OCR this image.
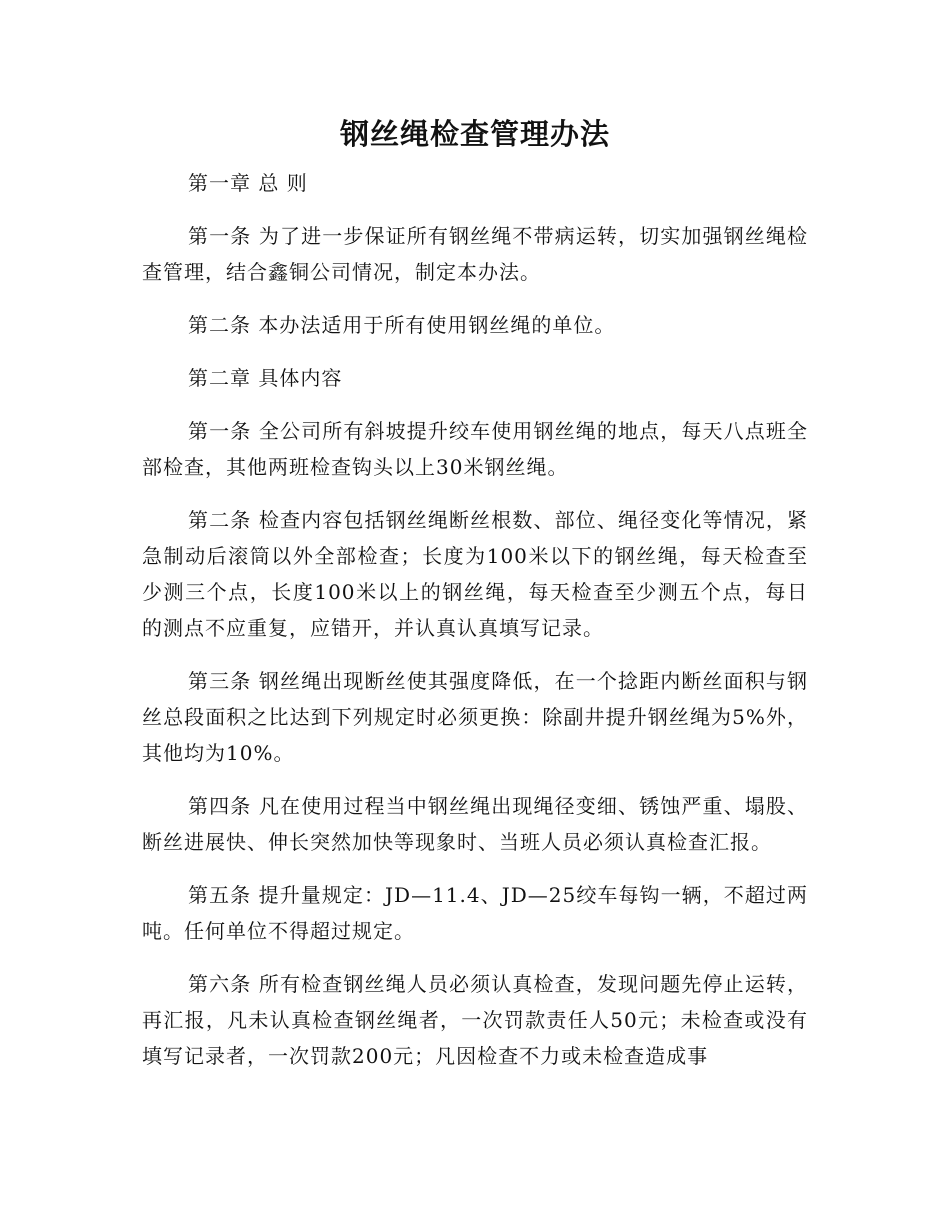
钢丝绳检查管理办法

第一章 总 则

第一条 为了进一步保证所有钢丝绳不带病运转，切实加强钢丝绳检查管理，结合鑫铜公司情况，制定本办法。

第二条 本办法适用于所有使用钢丝绳的单位。

第二章 具体内容

第一条 全公司所有斜坡提升绞车使用钢丝绳的地点，每天八点班全部检查，其他两班检查钩头以上30米钢丝绳。

第二条 检查内容包括钢丝绳断丝根数、部位、绳径变化等情况，紧急制动后滚筒以外全部检查；长度为100米以下的钢丝绳，每天检查至少测三个点，长度100米以上的钢丝绳，每天检查至少测五个点，每日的测点不应重复，应错开，并认真认真填写记录。

第三条 钢丝绳出现断丝使其强度降低，在一个捻距内断丝面积与钢丝总段面积之比达到下列规定时必须更换：除副井提升钢丝绳为5%外，其他均为10%。

第四条 凡在使用过程当中钢丝绳出现绳径变细、锈蚀严重、塌股、断丝进展快、伸长突然加快等现象时、当班人员必须认真检查汇报。

第五条 提升量规定：JD—11.4、JD—25绞车每钩一辆，不超过两吨。任何单位不得超过规定。

第六条 所有检查钢丝绳人员必须认真检查，发现问题先停止运转，再汇报，凡未认真检查钢丝绳者，一次罚款责任人50元；未检查或没有填写记录者，一次罚款200元；凡因检查不力或未检查造成事
